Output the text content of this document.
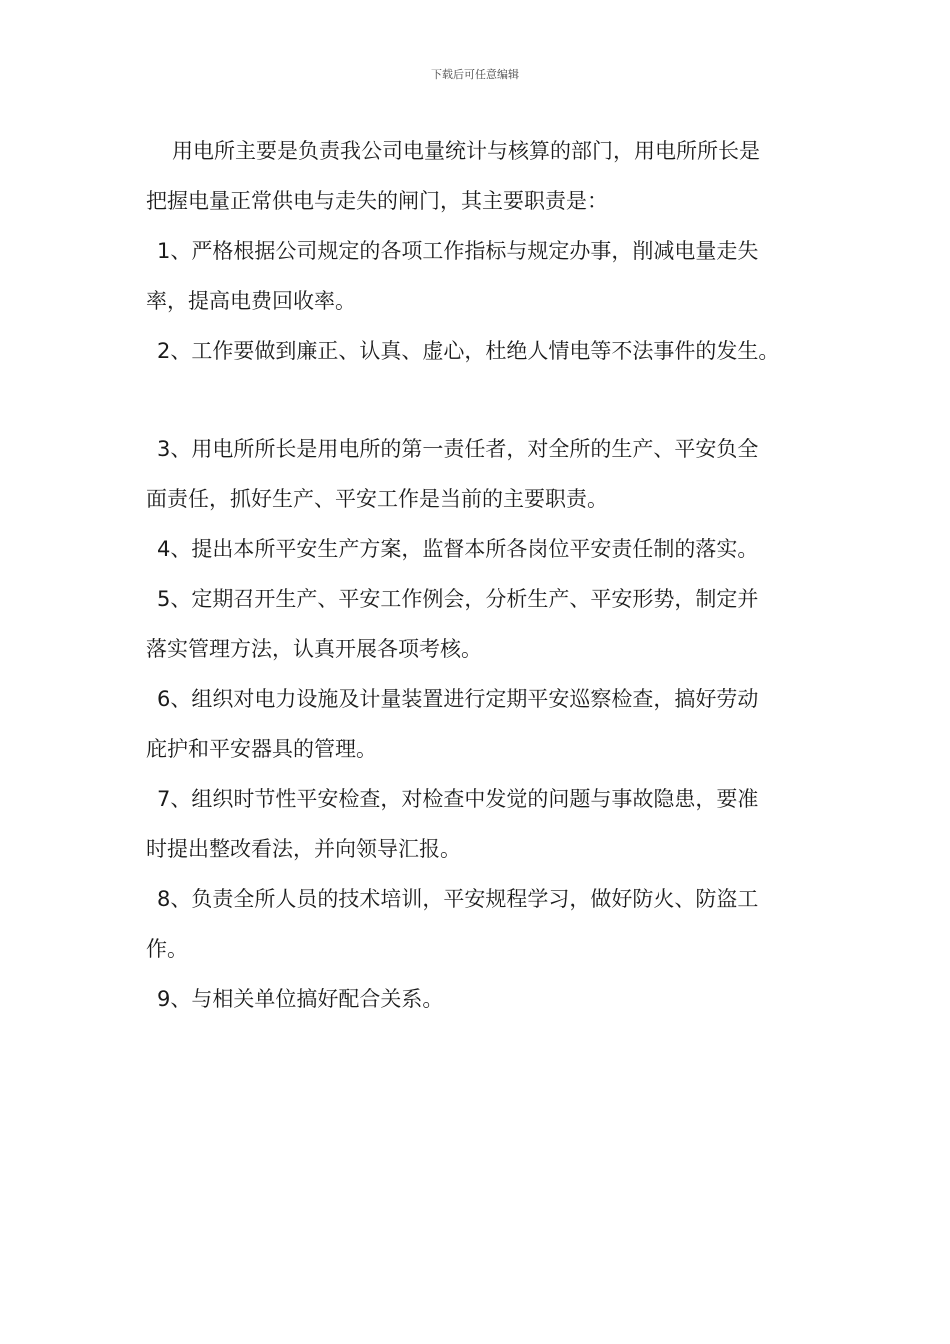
下载后可任意编辑
用电所主要是负责我公司电量统计与核算的部门，用电所所长是
把握电量正常供电与走失的闸门，其主要职责是：
1、严格根据公司规定的各项工作指标与规定办事，削减电量走失
率，提高电费回收率。
2、工作要做到廉正、认真、虚心，杜绝人情电等不法事件的发生。
3、用电所所长是用电所的第一责任者，对全所的生产、平安负全
面责任，抓好生产、平安工作是当前的主要职责。
4、提出本所平安生产方案，监督本所各岗位平安责任制的落实。
5、定期召开生产、平安工作例会，分析生产、平安形势，制定并
落实管理方法，认真开展各项考核。
6、组织对电力设施及计量装置进行定期平安巡察检查，搞好劳动
庇护和平安器具的管理。
7、组织时节性平安检查，对检查中发觉的问题与事故隐患，要准
时提出整改看法，并向领导汇报。
8、负责全所人员的技术培训，平安规程学习，做好防火、防盗工
作。
9、与相关单位搞好配合关系。
